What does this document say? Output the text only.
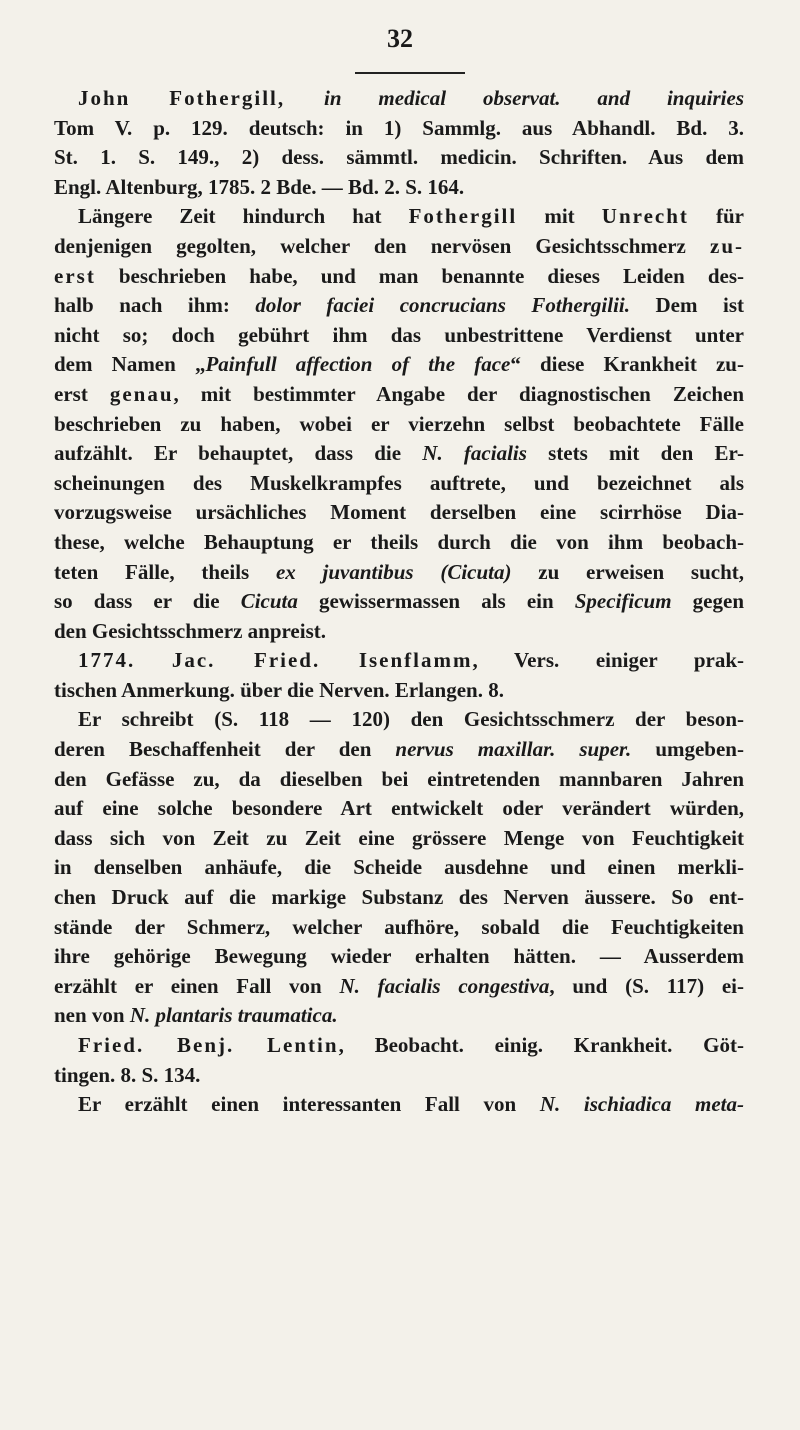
32
John Fothergill, in medical observat. and inquiries
Tom V. p. 129. deutsch: in 1) Sammlg. aus Abhandl. Bd. 3.
St. 1. S. 149., 2) dess. sämmtl. medicin. Schriften. Aus dem
Engl. Altenburg, 1785. 2 Bde. — Bd. 2. S. 164.
Längere Zeit hindurch hat Fothergill mit Unrecht für
denjenigen gegolten, welcher den nervösen Gesichtsschmerz zu-
erst beschrieben habe, und man benannte dieses Leiden des-
halb nach ihm: dolor faciei concrucians Fothergilii. Dem ist
nicht so; doch gebührt ihm das unbestrittene Verdienst unter
dem Namen „Painfull affection of the face“ diese Krankheit zu-
erst genau, mit bestimmter Angabe der diagnostischen Zeichen
beschrieben zu haben, wobei er vierzehn selbst beobachtete Fälle
aufzählt. Er behauptet, dass die N. facialis stets mit den Er-
scheinungen des Muskelkrampfes auftrete, und bezeichnet als
vorzugsweise ursächliches Moment derselben eine scirrhöse Dia-
these, welche Behauptung er theils durch die von ihm beobach-
teten Fälle, theils ex juvantibus (Cicuta) zu erweisen sucht,
so dass er die Cicuta gewissermassen als ein Specificum gegen
den Gesichtsschmerz anpreist.
1774. Jac. Fried. Isenflamm, Vers. einiger prak-
tischen Anmerkung. über die Nerven. Erlangen. 8.
Er schreibt (S. 118 — 120) den Gesichtsschmerz der beson-
deren Beschaffenheit der den nervus maxillar. super. umgeben-
den Gefässe zu, da dieselben bei eintretenden mannbaren Jahren
auf eine solche besondere Art entwickelt oder verändert würden,
dass sich von Zeit zu Zeit eine grössere Menge von Feuchtigkeit
in denselben anhäufe, die Scheide ausdehne und einen merkli-
chen Druck auf die markige Substanz des Nerven äussere. So ent-
stände der Schmerz, welcher aufhöre, sobald die Feuchtigkeiten
ihre gehörige Bewegung wieder erhalten hätten. — Ausserdem
erzählt er einen Fall von N. facialis congestiva, und (S. 117) ei-
nen von N. plantaris traumatica.
Fried. Benj. Lentin, Beobacht. einig. Krankheit. Göt-
tingen. 8. S. 134.
Er erzählt einen interessanten Fall von N. ischiadica meta-
